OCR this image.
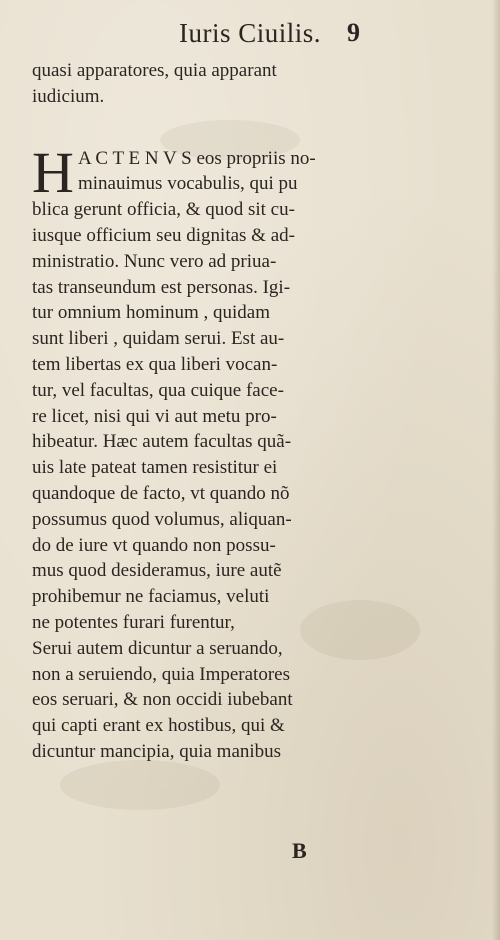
Iuris Ciuilis.	9
quasi apparatores, quia apparant
iudicium.
H A C T E N V S eos propriis no-
minauimus vocabulis, qui pu
blica gerunt officia, & quod sit cu-
iusque officium seu dignitas & ad-
ministratio. Nunc vero ad priua-
tas transeundum est personas. Igi-
tur omnium hominum , quidam
sunt liberi , quidam serui. Est au-
tem libertas ex qua liberi vocan-
tur, vel facultas, qua cuique face-
re licet, nisi qui vi aut metu pro-
hibeatur. Hæc autem facultas quã-
uis late pateat tamen resistitur ei
quandoque de facto, vt quando nõ
possumus quod volumus, aliquan-
do de iure vt quando non possu-
mus quod desideramus, iure autẽ
prohibemur ne faciamus, veluti
ne potentes furari furentur,
Serui autem dicuntur a seruando,
non a seruiendo, quia Imperatores
eos seruari, & non occidi iubebant
qui capti erant ex hostibus, qui &
dicuntur mancipia, quia manibus
B
